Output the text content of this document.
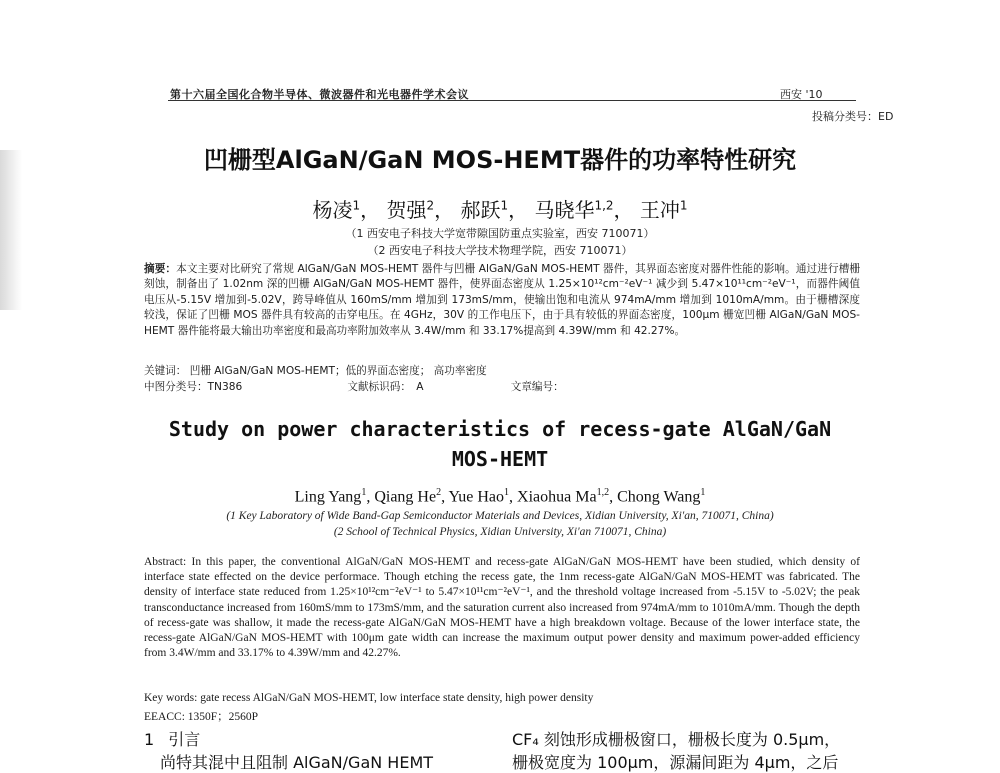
第十六届全国化合物半导体、微波器件和光电器件学术会议	西安 '10
投稿分类号：ED
凹栅型AlGaN/GaN MOS-HEMT器件的功率特性研究
杨凌$^1$， 贺强$^2$， 郝跃$^1$， 马晓华$^{1,2}$， 王冲$^1$
（1 西安电子科技大学宽带隙国防重点实验室，西安 710071）
（2 西安电子科技大学技术物理学院，西安 710071）
摘要：本文主要对比研究了常规 AlGaN/GaN MOS-HEMT 器件与凹栅 AlGaN/GaN MOS-HEMT 器件，其界面态密度对器件性能的影响。通过进行槽栅刻蚀，制备出了 1.02nm 深的凹栅 AlGaN/GaN MOS-HEMT 器件，使界面态密度从 1.25×10¹²cm⁻²eV⁻¹ 减少到 5.47×10¹¹cm⁻²eV⁻¹，而器件阈值电压从-5.15V 增加到-5.02V，跨导峰值从 160mS/mm 增加到 173mS/mm，使输出饱和电流从 974mA/mm 增加到 1010mA/mm。由于栅槽深度较浅，保证了凹栅 MOS 器件具有较高的击穿电压。在 4GHz，30V 的工作电压下，由于具有较低的界面态密度，100μm 栅宽凹栅 AlGaN/GaN MOS-HEMT 器件能将最大输出功率密度和最高功率附加效率从 3.4W/mm 和 33.17%提高到 4.39W/mm 和 42.27%。
关键词： 凹栅 AlGaN/GaN MOS-HEMT；低的界面态密度； 高功率密度
中图分类号：TN386	文献标识码：　A	文章编号：
Study on power characteristics of recess-gate AlGaN/GaN
MOS-HEMT
Ling Yang$^1$, Qiang He$^2$, Yue Hao$^1$, Xiaohua Ma$^{1,2}$, Chong Wang$^1$
(1 Key Laboratory of Wide Band-Gap Semiconductor Materials and Devices, Xidian University, Xi'an, 710071, China)
(2 School of Technical Physics, Xidian University, Xi'an 710071, China)
Abstract: In this paper, the conventional AlGaN/GaN MOS-HEMT and recess-gate AlGaN/GaN MOS-HEMT have been studied, which density of interface state effected on the device performace. Though etching the recess gate, the 1nm recess-gate AlGaN/GaN MOS-HEMT was fabricated. The density of interface state reduced from 1.25×10¹²cm⁻²eV⁻¹ to 5.47×10¹¹cm⁻²eV⁻¹, and the threshold voltage increased from -5.15V to -5.02V; the peak transconductance increased from 160mS/mm to 173mS/mm, and the saturation current also increased from 974mA/mm to 1010mA/mm. Though the depth of recess-gate was shallow, it made the recess-gate AlGaN/GaN MOS-HEMT have a high breakdown voltage. Because of the lower interface state, the recess-gate AlGaN/GaN MOS-HEMT with 100μm gate width can increase the maximum output power density and maximum power-added efficiency from 3.4W/mm and 33.17% to 4.39W/mm and 42.27%.
Key words: gate recess AlGaN/GaN MOS-HEMT, low interface state density, high power density
EEACC: 1350F；2560P
1 引言
尚特其混中且阻制 AlGaN/GaN HEMT
CF₄ 刻蚀形成栅极窗口，栅极长度为 0.5μm，
栅极宽度为 100μm，源漏间距为 4μm，之后
